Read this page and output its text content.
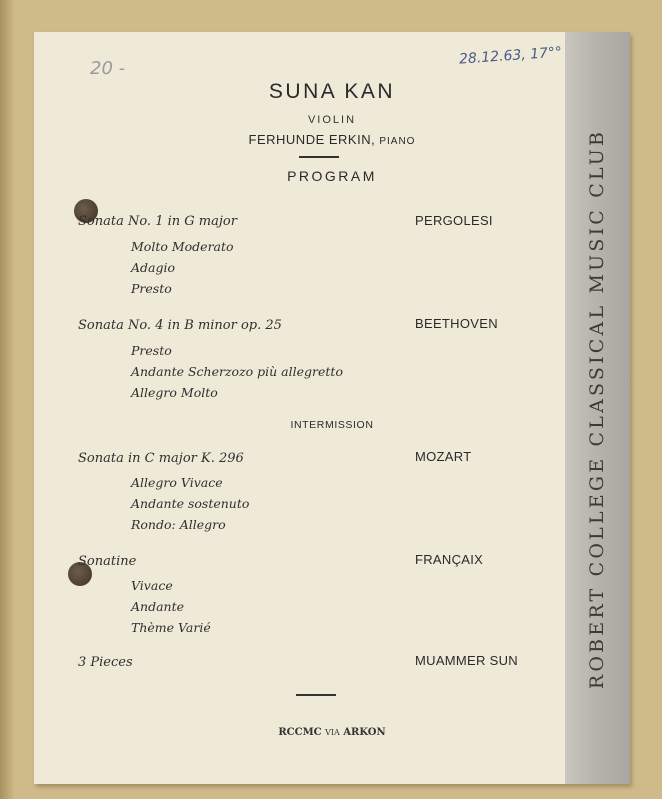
ROBERT COLLEGE CLASSICAL MUSIC CLUB
20 -
28.12.63, 17°°
SUNA KAN
VIOLIN
FERHUNDE ERKIN, PIANO
PROGRAM
Sonata No. 1 in G major	PERGOLESI
Molto Moderato
Adagio
Presto
Sonata No. 4 in B minor op. 25	BEETHOVEN
Presto
Andante Scherzozo più allegretto
Allegro Molto
INTERMISSION
Sonata in C major K. 296	MOZART
Allegro Vivace
Andante sostenuto
Rondo: Allegro
Sonatine	FRANÇAIX
Vivace
Andante
Thème Varié
3 Pieces	MUAMMER SUN
RCCMC VIA ARKON
